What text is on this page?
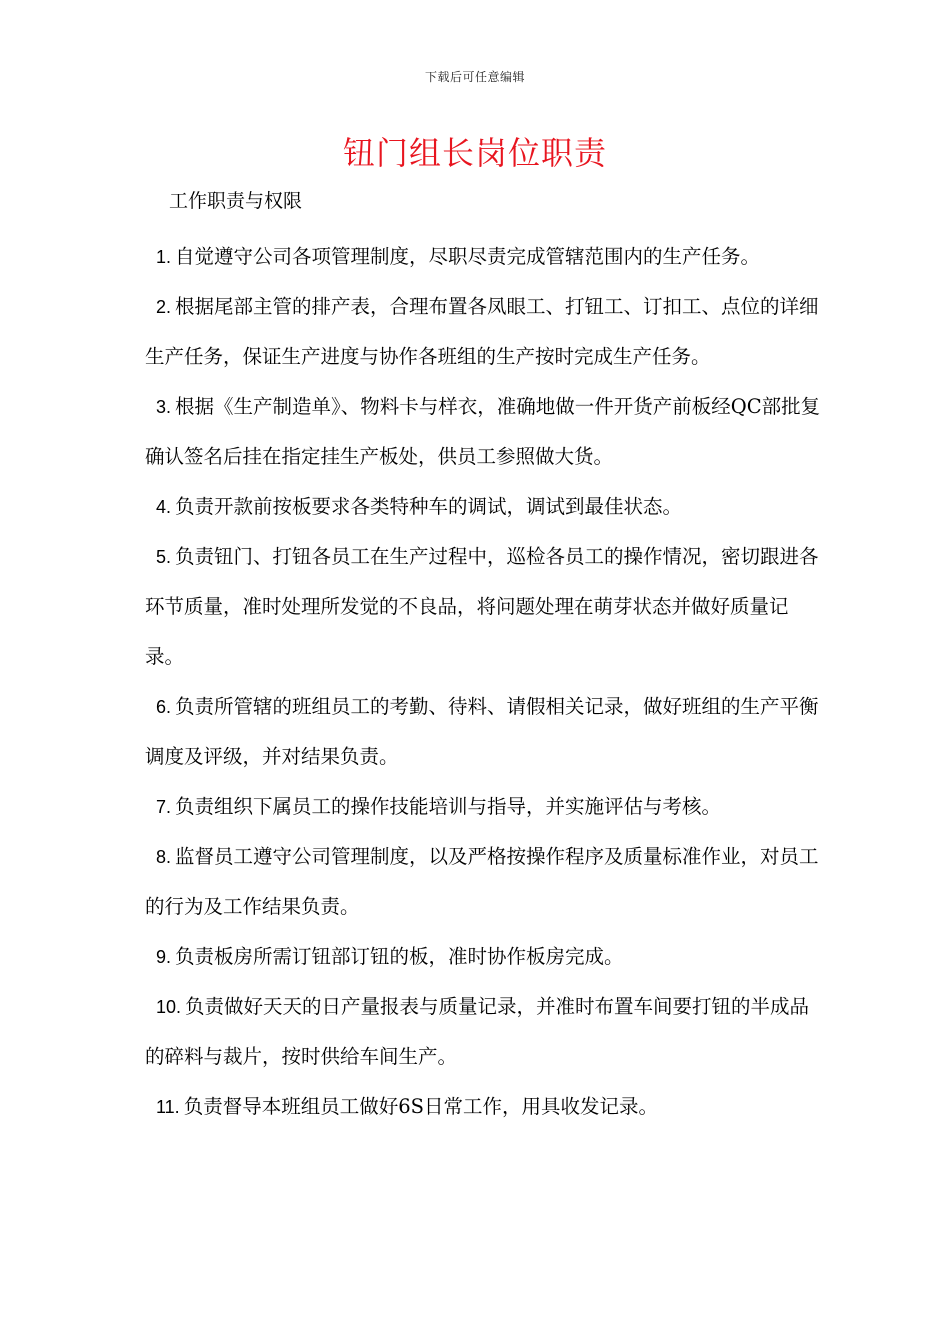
下载后可任意编辑
钮门组长岗位职责

工作职责与权限

1. 自觉遵守公司各项管理制度，尽职尽责完成管辖范围内的生产任务。

2. 根据尾部主管的排产表，合理布置各凤眼工、打钮工、订扣工、点位的详细生产任务，保证生产进度与协作各班组的生产按时完成生产任务。

3. 根据《生产制造单》、物料卡与样衣，准确地做一件开货产前板经QC部批复确认签名后挂在指定挂生产板处，供员工参照做大货。

4. 负责开款前按板要求各类特种车的调试，调试到最佳状态。

5. 负责钮门、打钮各员工在生产过程中，巡检各员工的操作情况，密切跟进各环节质量，准时处理所发觉的不良品，将问题处理在萌芽状态并做好质量记录。

6. 负责所管辖的班组员工的考勤、待料、请假相关记录，做好班组的生产平衡调度及评级，并对结果负责。

7. 负责组织下属员工的操作技能培训与指导，并实施评估与考核。

8. 监督员工遵守公司管理制度，以及严格按操作程序及质量标准作业，对员工的行为及工作结果负责。

9. 负责板房所需订钮部订钮的板，准时协作板房完成。

10. 负责做好天天的日产量报表与质量记录，并准时布置车间要打钮的半成品的碎料与裁片，按时供给车间生产。

11. 负责督导本班组员工做好6S日常工作，用具收发记录。
